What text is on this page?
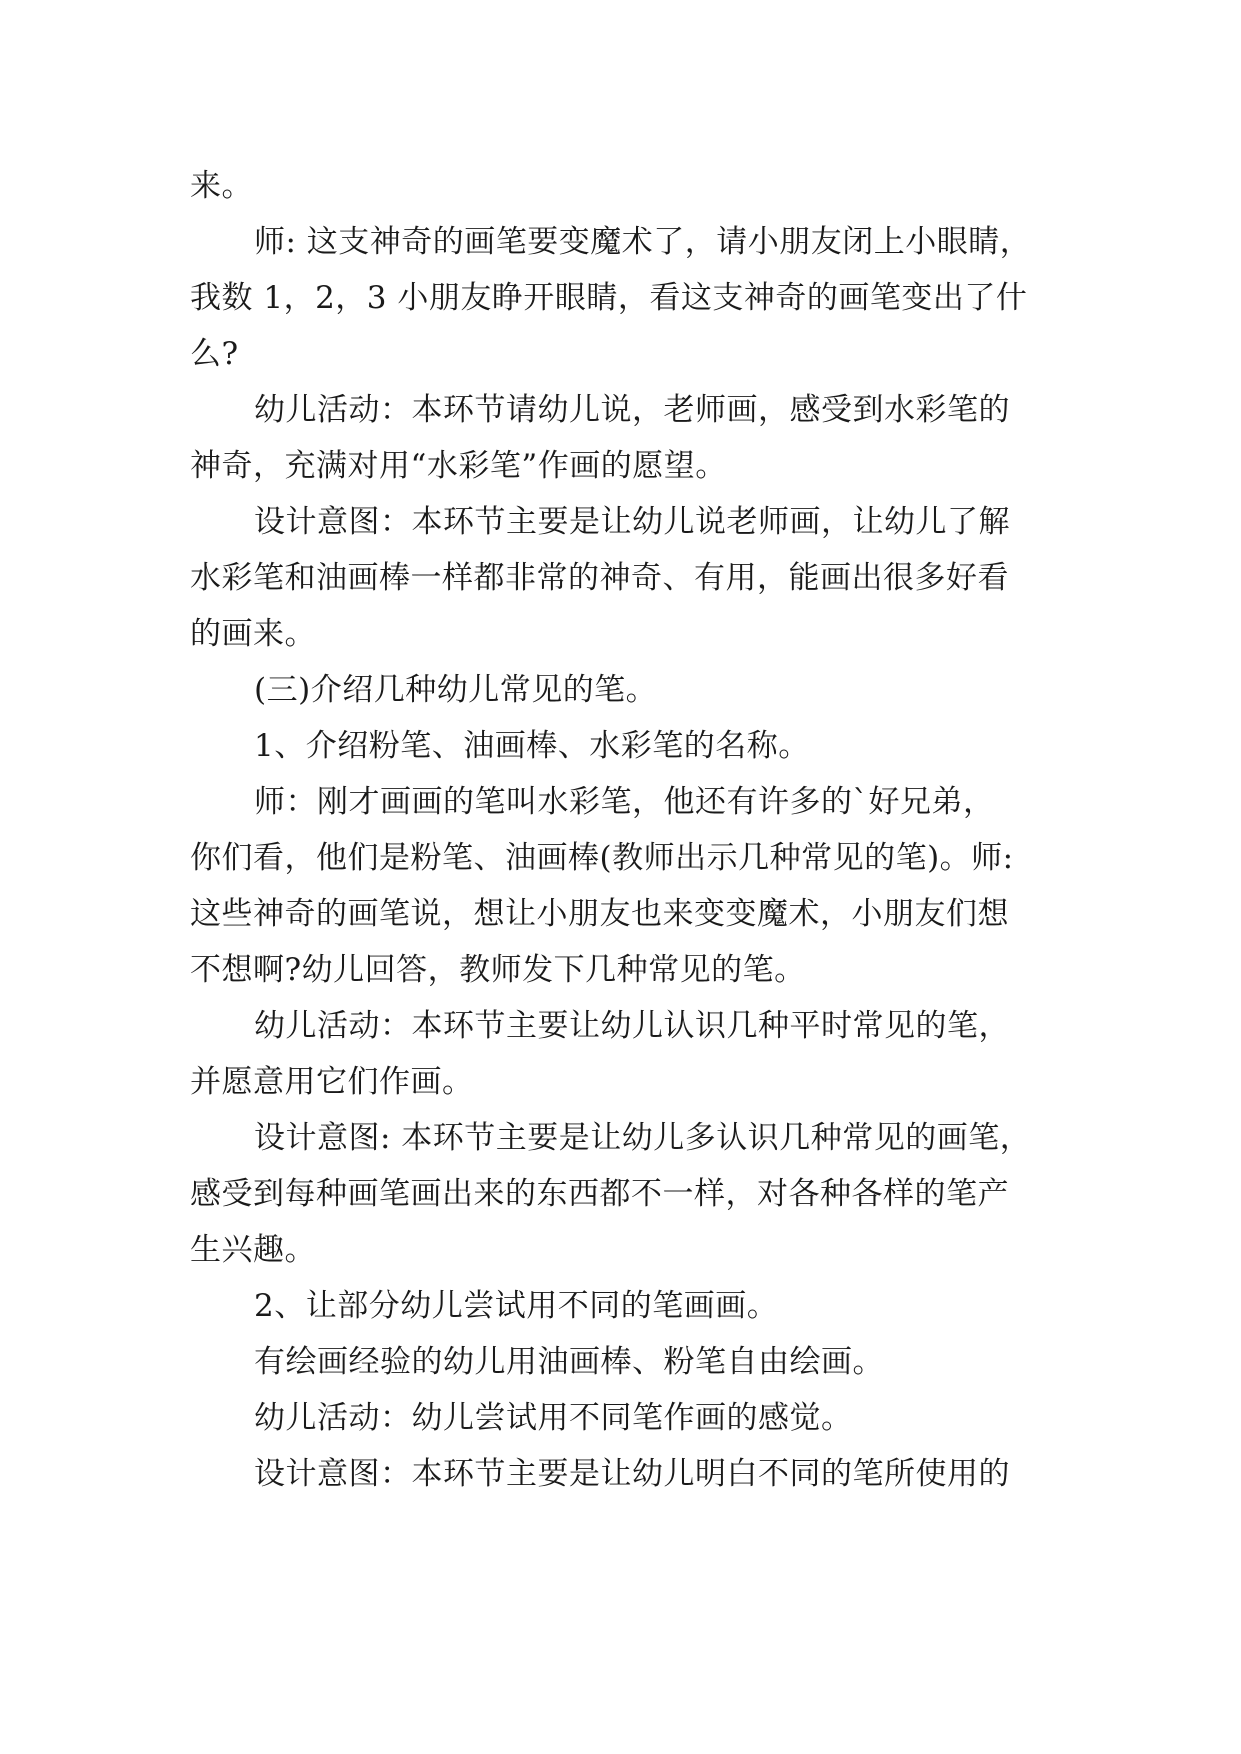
来。
师: 这支神奇的画笔要变魔术了，请小朋友闭上小眼睛，
我数 1，2，3 小朋友睁开眼睛，看这支神奇的画笔变出了什
么?
幼儿活动：本环节请幼儿说，老师画，感受到水彩笔的
神奇，充满对用“水彩笔”作画的愿望。
设计意图：本环节主要是让幼儿说老师画，让幼儿了解
水彩笔和油画棒一样都非常的神奇、有用，能画出很多好看
的画来。
(三)介绍几种幼儿常见的笔。
1、介绍粉笔、油画棒、水彩笔的名称。
师：刚才画画的笔叫水彩笔，他还有许多的`好兄弟，
你们看，他们是粉笔、油画棒(教师出示几种常见的笔)。师:
这些神奇的画笔说，想让小朋友也来变变魔术，小朋友们想
不想啊?幼儿回答，教师发下几种常见的笔。
幼儿活动：本环节主要让幼儿认识几种平时常见的笔，
并愿意用它们作画。
设计意图: 本环节主要是让幼儿多认识几种常见的画笔，
感受到每种画笔画出来的东西都不一样，对各种各样的笔产
生兴趣。
2、让部分幼儿尝试用不同的笔画画。
有绘画经验的幼儿用油画棒、粉笔自由绘画。
幼儿活动：幼儿尝试用不同笔作画的感觉。
设计意图：本环节主要是让幼儿明白不同的笔所使用的
